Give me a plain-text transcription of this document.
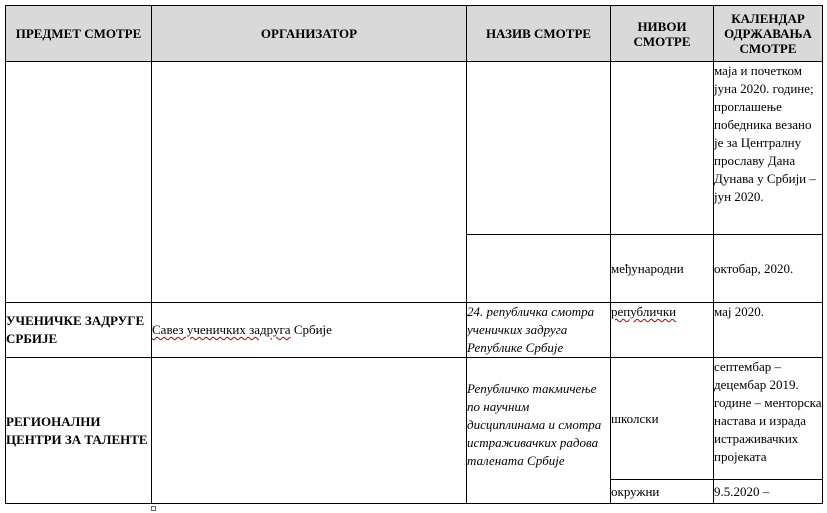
ПРЕДМЕТ СМОТРЕ	ОРГАНИЗАТОР	НАЗИВ СМОТРЕ	НИВОИ СМОТРЕ	КАЛЕНДАР ОДРЖАВАЊА СМОТРЕ
				маја и почетком јуна 2020. године; проглашење победника везано је за Централну прославу Дана Дунава у Србији – јун 2020.
			међународни	октобар, 2020.
УЧЕНИЧКЕ ЗАДРУГЕ СРБИЈЕ	Савез ученичких задруга Србије	24. републичка смотра ученичких задруга Републике Србије	републички	мај 2020.
РЕГИОНАЛНИ ЦЕНТРИ ЗА ТАЛЕНТЕ		Републичко такмичење по научним дисциплинама и смотра истраживачких радова талената Србије	школски	септембар – децембар 2019. године – менторска настава и израда истраживачких пројеката
			окружни	9.5.2020 –
